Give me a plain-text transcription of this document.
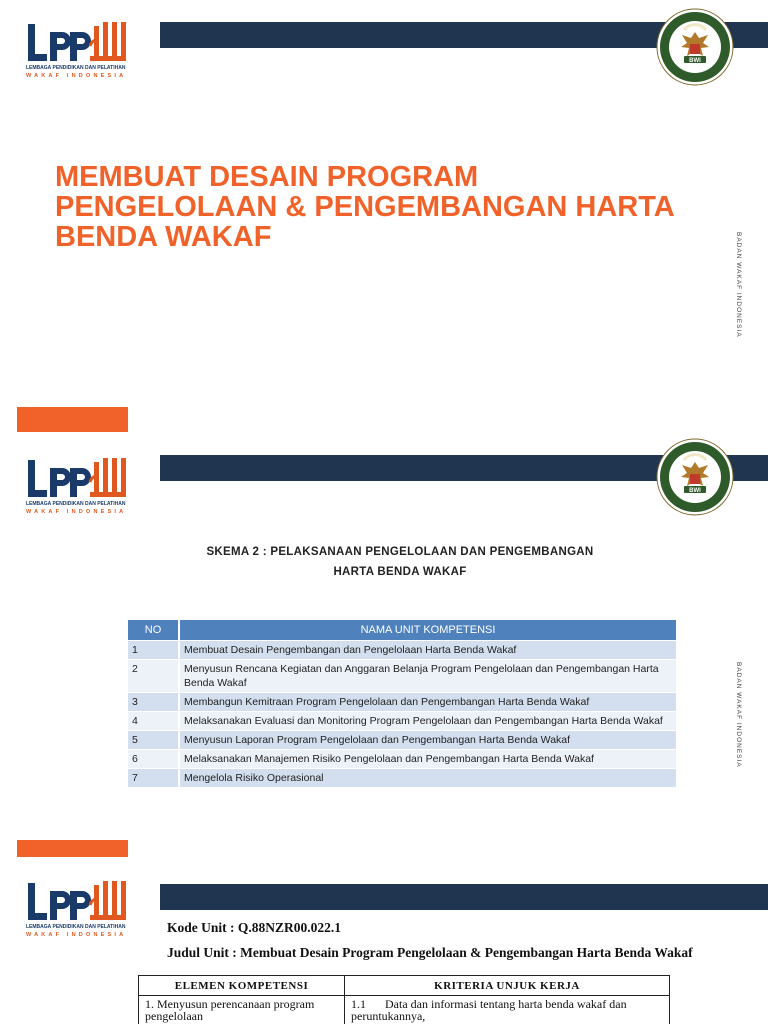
LEMBAGA PENDIDIKAN DAN PELATIHAN
WAKAF INDONESIA
BWI
MEMBUAT DESAIN PROGRAM
PENGELOLAAN & PENGEMBANGAN HARTA
BENDA WAKAF	BADAN WAKAF INDONESIA
LEMBAGA PENDIDIKAN DAN PELATIHAN
WAKAF INDONESIA
BWI
SKEMA 2 : PELAKSANAAN PENGELOLAAN DAN PENGEMBANGAN
HARTA BENDA WAKAF
NO	NAMA UNIT KOMPETENSI
1	Membuat Desain Pengembangan dan Pengelolaan Harta Benda Wakaf
2	Menyusun Rencana Kegiatan dan Anggaran Belanja Program Pengelolaan dan Pengembangan Harta Benda Wakaf
3	Membangun Kemitraan Program Pengelolaan dan Pengembangan Harta Benda Wakaf
4	Melaksanakan Evaluasi dan Monitoring Program Pengelolaan dan Pengembangan Harta Benda Wakaf
5	Menyusun Laporan Program Pengelolaan dan Pengembangan Harta Benda Wakaf
6	Melaksanakan Manajemen Risiko Pengelolaan dan Pengembangan Harta Benda Wakaf
7	Mengelola Risiko Operasional
BADAN WAKAF INDONESIA
LEMBAGA PENDIDIKAN DAN PELATIHAN
WAKAF INDONESIA	Kode Unit : Q.88NZR00.022.1
Judul Unit : Membuat Desain Program Pengelolaan & Pengembangan Harta Benda Wakaf
ELEMEN KOMPETENSI	KRITERIA UNJUK KERJA
1. Menyusun perencanaan program pengelolaan	1.1 Data dan informasi tentang harta benda wakaf dan peruntukannya,
